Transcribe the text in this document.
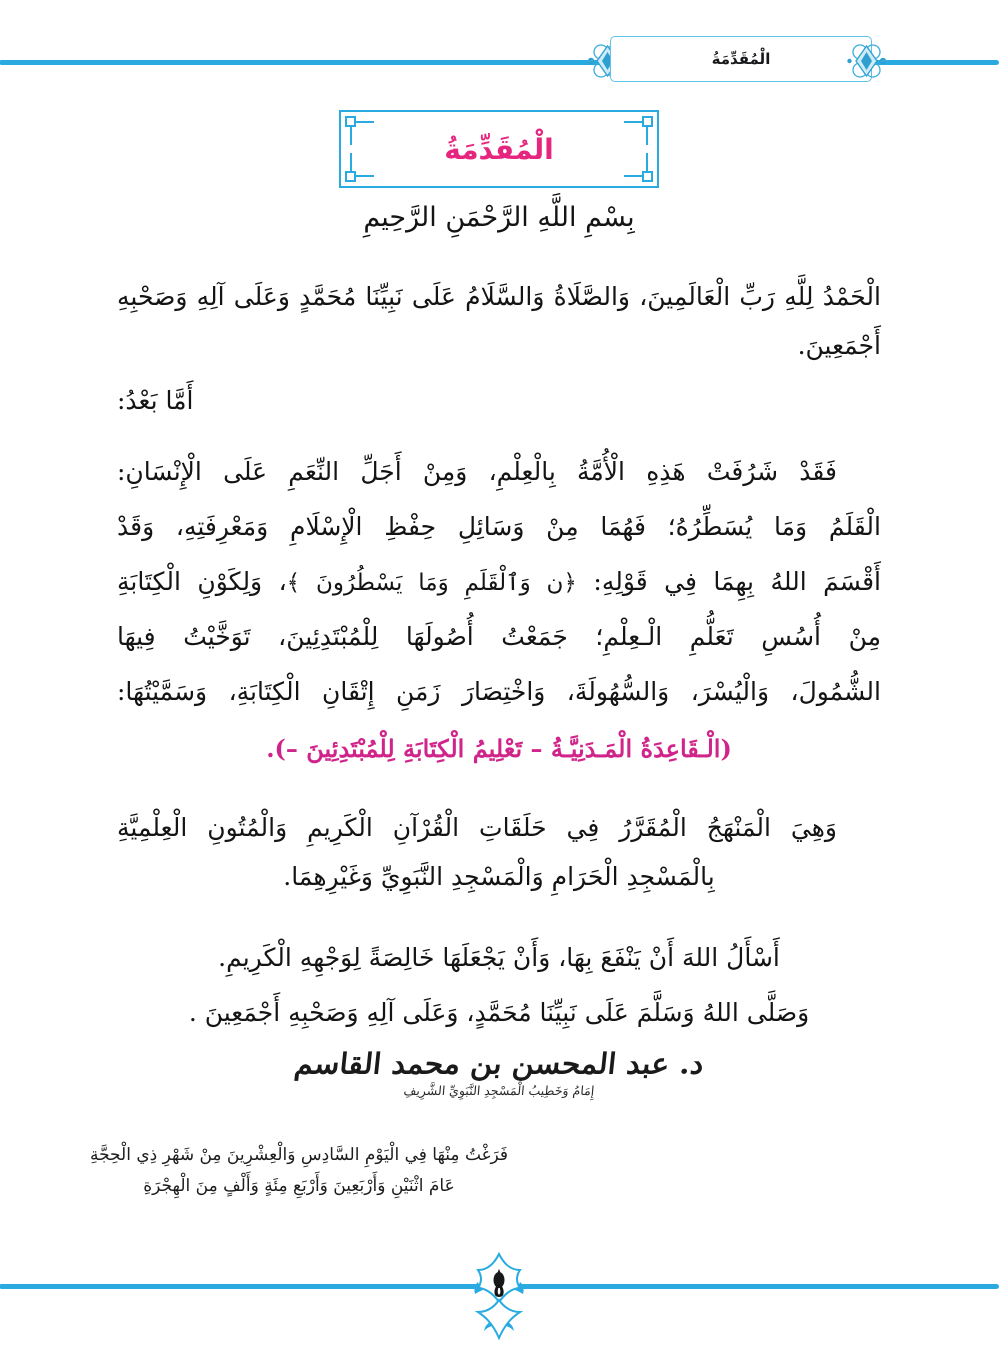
الْمُقَدِّمَةُ
الْمُقَدِّمَةُ
بِسْمِ اللَّهِ الرَّحْمَنِ الرَّحِيمِ

الْحَمْدُ لِلَّهِ رَبِّ الْعَالَمِينَ، وَالصَّلَاةُ وَالسَّلَامُ عَلَى نَبِيِّنَا مُحَمَّدٍ وَعَلَى آلِهِ وَصَحْبِهِ أَجْمَعِينَ.

أَمَّا بَعْدُ:

فَقَدْ شَرُفَتْ هَذِهِ الْأُمَّةُ بِالْعِلْمِ، وَمِنْ أَجَلِّ النِّعَمِ عَلَى الْإِنْسَانِ:

الْقَلَمُ وَمَا يُسَطِّرُهُ؛ فَهُمَا مِنْ وَسَائِلِ حِفْظِ الْإِسْلَامِ وَمَعْرِفَتِهِ، وَقَدْ

أَقْسَمَ اللهُ بِهِمَا فِي قَوْلِهِ: ﴿ن وَٱلْقَلَمِ وَمَا يَسْطُرُونَ ﴾، وَلِكَوْنِ الْكِتَابَةِ

مِنْ أُسُسِ تَعَلُّمِ الْـعِلْمِ؛ جَمَعْتُ أُصُولَهَا لِلْمُبْتَدِئِينَ، تَوَخَّيْتُ فِيهَا

الشُّمُولَ، وَالْيُسْرَ، وَالسُّهُولَةَ، وَاخْتِصَارَ زَمَنِ إِتْقَانِ الْكِتَابَةِ، وَسَمَّيْتُهَا:

(الْـقَاعِدَةُ الْمَـدَنِيَّـةُ – تَعْلِيمُ الْكِتَابَةِ لِلْمُبْتَدِئِينَ –).

وَهِيَ الْمَنْهَجُ الْمُقَرَّرُ فِي حَلَقَاتِ الْقُرْآنِ الْكَرِيمِ وَالْمُتُونِ الْعِلْمِيَّةِ بِالْمَسْجِدِ الْحَرَامِ وَالْمَسْجِدِ النَّبَوِيِّ وَغَيْرِهِمَا.

أَسْأَلُ اللهَ أَنْ يَنْفَعَ بِهَا، وَأَنْ يَجْعَلَهَا خَالِصَةً لِوَجْهِهِ الْكَرِيمِ.

وَصَلَّى اللهُ وَسَلَّمَ عَلَى نَبِيِّنَا مُحَمَّدٍ، وَعَلَى آلِهِ وَصَحْبِهِ أَجْمَعِينَ .

د. عبد المحسن بن محمد القاسم
إِمَامُ وَخَطِيبُ الْمَسْجِدِ النَّبَوِيِّ الشَّرِيفِ
فَرَغْتُ مِنْهَا فِي الْيَوْمِ السَّادِسِ وَالْعِشْرِينَ مِنْ شَهْرِ ذِي الْحِجَّةِ
عَامَ اثْنَيْنِ وَأَرْبَعِينَ وَأَرْبَعِ مِئَةٍ وَأَلْفٍ مِنَ الْهِجْرَةِ
٥
